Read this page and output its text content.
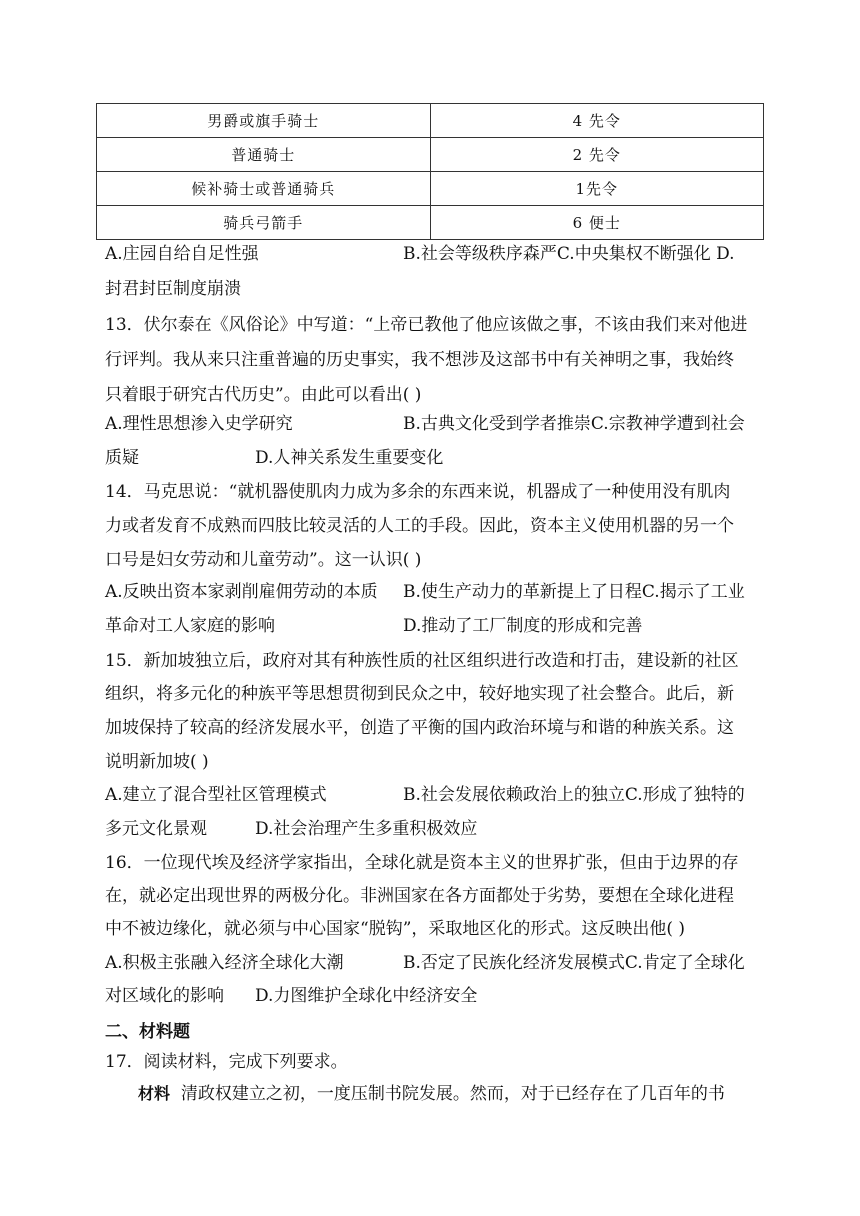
男爵或旗手骑士	4 先令
普通骑士	2 先令
候补骑士或普通骑兵	1先令
骑兵弓箭手	6 便士
A.庄园自给自足性强	B.社会等级秩序森严C.中央集权不断强化 D.
封君封臣制度崩溃
13．伏尔泰在《风俗论》中写道：“上帝已教他了他应该做之事，不该由我们来对他进
行评判。我从来只注重普遍的历史事实，我不想涉及这部书中有关神明之事，我始终
只着眼于研究古代历史”。由此可以看出( )
A.理性思想渗入史学研究	B.古典文化受到学者推崇C.宗教神学遭到社会
质疑	D.人神关系发生重要变化
14．马克思说：“就机器使肌肉力成为多余的东西来说，机器成了一种使用没有肌肉
力或者发育不成熟而四肢比较灵活的人工的手段。因此，资本主义使用机器的另一个
口号是妇女劳动和儿童劳动”。这一认识( )
A.反映出资本家剥削雇佣劳动的本质 B.使生产动力的革新提上了日程C.揭示了工业
革命对工人家庭的影响	D.推动了工厂制度的形成和完善
15．新加坡独立后，政府对其有种族性质的社区组织进行改造和打击，建设新的社区
组织，将多元化的种族平等思想贯彻到民众之中，较好地实现了社会整合。此后，新
加坡保持了较高的经济发展水平，创造了平衡的国内政治环境与和谐的种族关系。这
说明新加坡( )
A.建立了混合型社区管理模式	B.社会发展依赖政治上的独立C.形成了独特的
多元文化景观	D.社会治理产生多重积极效应
16．一位现代埃及经济学家指出，全球化就是资本主义的世界扩张，但由于边界的存
在，就必定出现世界的两极分化。非洲国家在各方面都处于劣势，要想在全球化进程
中不被边缘化，就必须与中心国家“脱钩”，采取地区化的形式。这反映出他( )
A.积极主张融入经济全球化大潮	B.否定了民族化经济发展模式C.肯定了全球化
对区域化的影响 D.力图维护全球化中经济安全
二、材料题
17．阅读材料，完成下列要求。
材料 清政权建立之初，一度压制书院发展。然而，对于已经存在了几百年的书
